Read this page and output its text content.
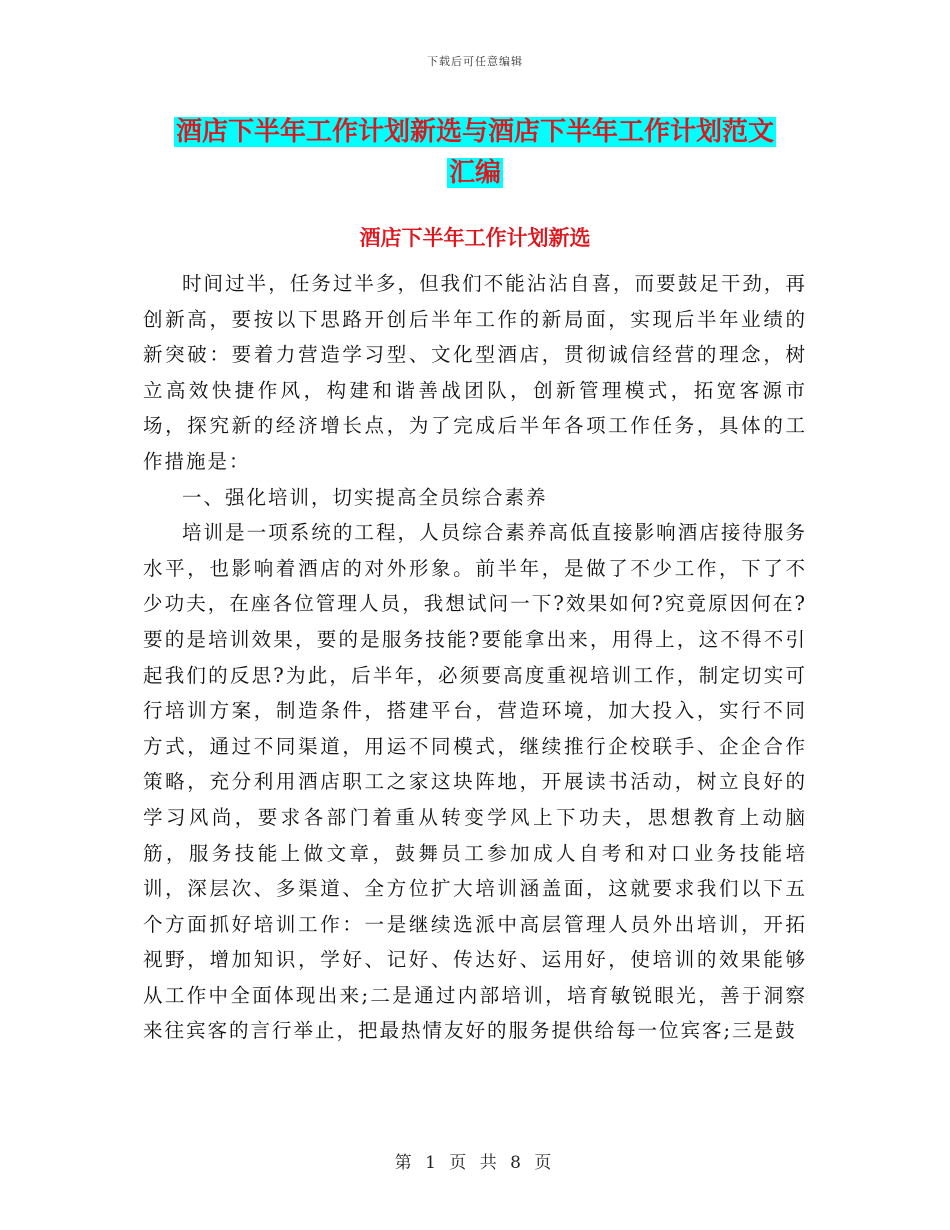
下载后可任意编辑
酒店下半年工作计划新选与酒店下半年工作计划范文
汇编
酒店下半年工作计划新选

时间过半，任务过半多，但我们不能沾沾自喜，而要鼓足干劲，再创新高，要按以下思路开创后半年工作的新局面，实现后半年业绩的新突破：要着力营造学习型、文化型酒店，贯彻诚信经营的理念，树立高效快捷作风，构建和谐善战团队，创新管理模式，拓宽客源市场，探究新的经济增长点，为了完成后半年各项工作任务，具体的工作措施是：

一、强化培训，切实提高全员综合素养

培训是一项系统的工程，人员综合素养高低直接影响酒店接待服务水平，也影响着酒店的对外形象。前半年，是做了不少工作，下了不少功夫，在座各位管理人员，我想试问一下?效果如何?究竟原因何在?要的是培训效果，要的是服务技能?要能拿出来，用得上，这不得不引起我们的反思?为此，后半年，必须要高度重视培训工作，制定切实可行培训方案，制造条件，搭建平台，营造环境，加大投入，实行不同方式，通过不同渠道，用运不同模式，继续推行企校联手、企企合作策略，充分利用酒店职工之家这块阵地，开展读书活动，树立良好的学习风尚，要求各部门着重从转变学风上下功夫，思想教育上动脑筋，服务技能上做文章，鼓舞员工参加成人自考和对口业务技能培训，深层次、多渠道、全方位扩大培训涵盖面，这就要求我们以下五个方面抓好培训工作：一是继续选派中高层管理人员外出培训，开拓视野，增加知识，学好、记好、传达好、运用好，使培训的效果能够从工作中全面体现出来;二是通过内部培训，培育敏锐眼光，善于洞察来往宾客的言行举止，把最热情友好的服务提供给每一位宾客;三是鼓

第 1 页 共 8 页
